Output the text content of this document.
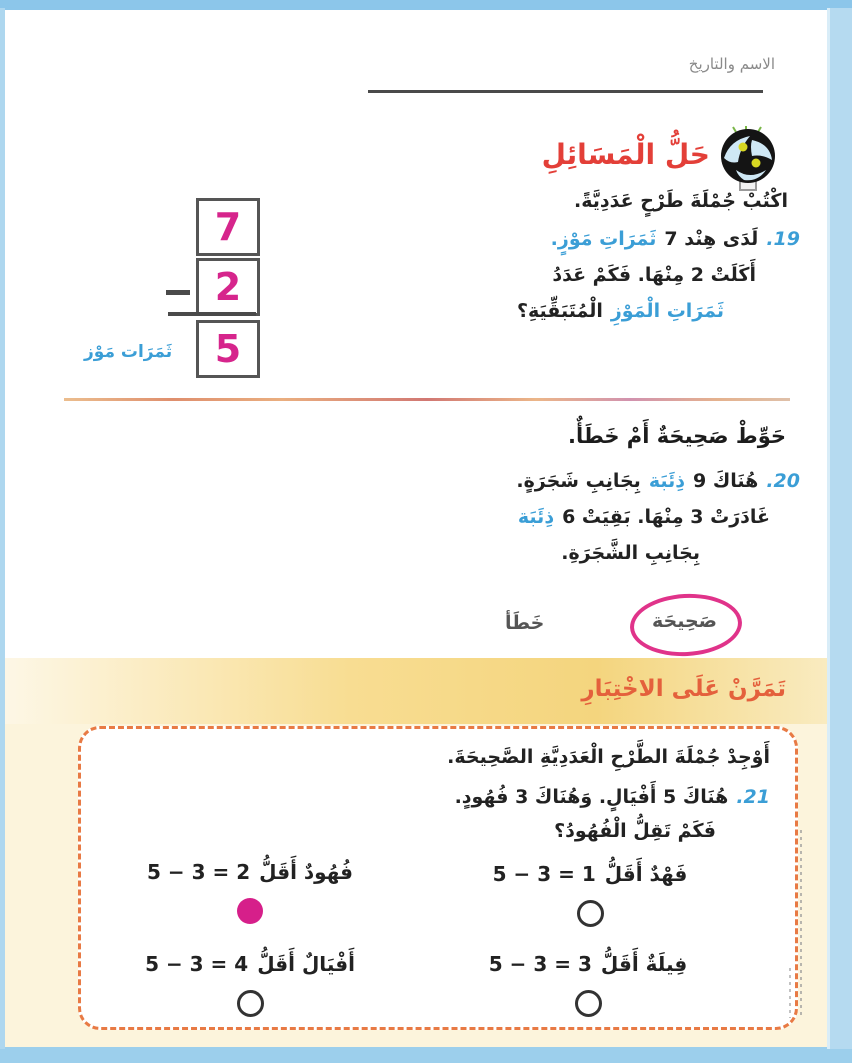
الاسم والتاريخ
حَلُّ الْمَسَائِلِ
اكْتُبْ جُمْلَةَ طَرْحٍ عَدَدِيَّةً.
19.
لَدَى هِنْد 7
ثَمَرَاتِ مَوْزٍ.
أَكَلَتْ 2 مِنْهَا. فَكَمْ عَدَدُ
ثَمَرَاتِ الْمَوْزِ
الْمُتَبَقِّيَةِ؟
7
2
5
ثَمَرَات مَوْز
حَوِّطْ صَحِيحَةٌ أَمْ خَطَأٌ.
20.
هُنَاكَ 9
ذِئَبَة
بِجَانِبِ شَجَرَةٍ.
غَادَرَتْ 3 مِنْهَا. بَقِيَتْ 6
ذِئَبَة
بِجَانِبِ الشَّجَرَةِ.
خَطَأ	صَحِيحَة
تَمَرَّنْ عَلَى الاخْتِبَارِ
أَوْجِدْ جُمْلَةَ الطَّرْحِ الْعَدَدِيَّةِ الصَّحِيحَةَ.
21.
هُنَاكَ 5 أَفْيَالٍ. وَهُنَاكَ 3 فُهُودٍ.
فَكَمْ تَقِلُّ الْفُهُودُ؟
فَهْدٌ أَقَلُّ
5 − 3 = 1
فُهُودٌ أَقَلُّ
5 − 3 = 2
فِيلَةٌ أَقَلُّ
5 − 3 = 3
أَفْيَالٌ أَقَلُّ
5 − 3 = 4
